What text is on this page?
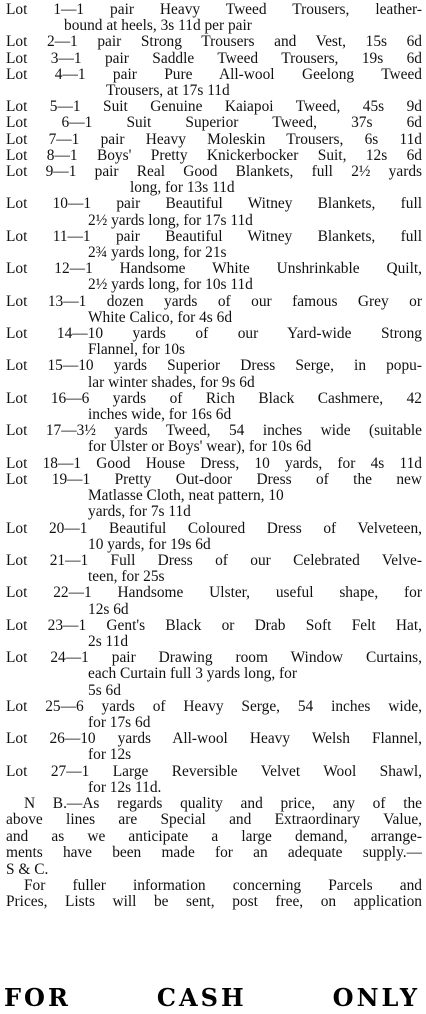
Lot 1—1 pair Heavy Tweed Trousers, leather-
bound at heels, 3s 11d per pair
Lot 2—1 pair Strong Trousers and Vest, 15s 6d
Lot 3—1 pair Saddle Tweed Trousers, 19s 6d
Lot 4—1 pair Pure All-wool Geelong Tweed
Trousers, at 17s 11d
Lot 5—1 Suit Genuine Kaiapoi Tweed, 45s 9d
Lot 6—1 Suit Superior Tweed, 37s 6d
Lot 7—1 pair Heavy Moleskin Trousers, 6s 11d
Lot 8—1 Boys' Pretty Knickerbocker Suit, 12s 6d
Lot 9—1 pair Real Good Blankets, full 2½ yards
long, for 13s 11d
Lot 10—1 pair Beautiful Witney Blankets, full
2½ yards long, for 17s 11d
Lot 11—1 pair Beautiful Witney Blankets, full
2¾ yards long, for 21s
Lot 12—1 Handsome White Unshrinkable Quilt,
2½ yards long, for 10s 11d
Lot 13—1 dozen yards of our famous Grey or
White Calico, for 4s 6d
Lot 14—10 yards of our Yard-wide Strong
Flannel, for 10s
Lot 15—10 yards Superior Dress Serge, in popu-
lar winter shades, for 9s 6d
Lot 16—6 yards of Rich Black Cashmere, 42
inches wide, for 16s 6d
Lot 17—3½ yards Tweed, 54 inches wide (suitable
for Ulster or Boys' wear), for 10s 6d
Lot 18—1 Good House Dress, 10 yards, for 4s 11d
Lot 19—1 Pretty Out-door Dress of the new
Matlasse Cloth, neat pattern, 10
yards, for 7s 11d
Lot 20—1 Beautiful Coloured Dress of Velveteen,
10 yards, for 19s 6d
Lot 21—1 Full Dress of our Celebrated Velve-
teen, for 25s
Lot 22—1 Handsome Ulster, useful shape, for
12s 6d
Lot 23—1 Gent's Black or Drab Soft Felt Hat,
2s 11d
Lot 24—1 pair Drawing room Window Curtains,
each Curtain full 3 yards long, for
5s 6d
Lot 25—6 yards of Heavy Serge, 54 inches wide,
for 17s 6d
Lot 26—10 yards All-wool Heavy Welsh Flannel,
for 12s
Lot 27—1 Large Reversible Velvet Wool Shawl,
for 12s 11d.
N B.—As regards quality and price, any of the
above lines are Special and Extraordinary Value,
and as we anticipate a large demand, arrange-
ments have been made for an adequate supply.—
S & C.
For fuller information concerning Parcels and
Prices, Lists will be sent, post free, on application
FOR CASH ONLY
